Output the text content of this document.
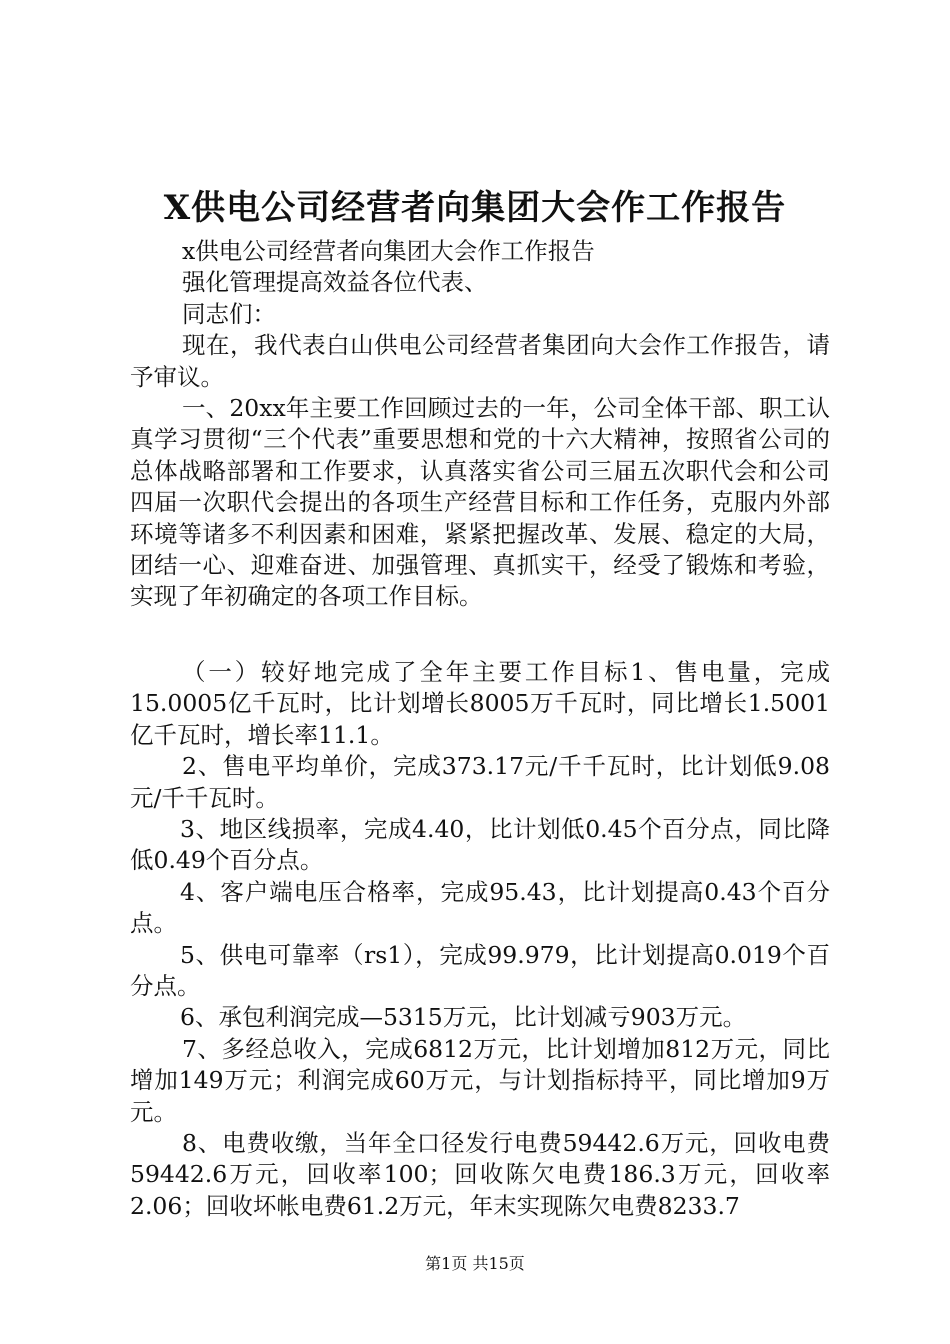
X供电公司经营者向集团大会作工作报告

x供电公司经营者向集团大会作工作报告

强化管理提高效益各位代表、

同志们：

现在，我代表白山供电公司经营者集团向大会作工作报告，请予审议。

一、20xx年主要工作回顾过去的一年，公司全体干部、职工认真学习贯彻“三个代表”重要思想和党的十六大精神，按照省公司的总体战略部署和工作要求，认真落实省公司三届五次职代会和公司四届一次职代会提出的各项生产经营目标和工作任务，克服内外部环境等诸多不利因素和困难，紧紧把握改革、发展、稳定的大局，团结一心、迎难奋进、加强管理、真抓实干，经受了锻炼和考验，实现了年初确定的各项工作目标。

（一）较好地完成了全年主要工作目标1、售电量，完成15.0005亿千瓦时，比计划增长8005万千瓦时，同比增长1.5001亿千瓦时，增长率11.1。

2、售电平均单价，完成373.17元/千千瓦时，比计划低9.08元/千千瓦时。

3、地区线损率，完成4.40，比计划低0.45个百分点，同比降低0.49个百分点。

4、客户端电压合格率，完成95.43，比计划提高0.43个百分点。

5、供电可靠率（rs1），完成99.979，比计划提高0.019个百分点。

6、承包利润完成—5315万元，比计划减亏903万元。

7、多经总收入，完成6812万元，比计划增加812万元，同比增加149万元；利润完成60万元，与计划指标持平，同比增加9万元。

8、电费收缴，当年全口径发行电费59442.6万元，回收电费59442.6万元，回收率100；回收陈欠电费186.3万元，回收率2.06；回收坏帐电费61.2万元，年末实现陈欠电费8233.7

第1页 共15页
